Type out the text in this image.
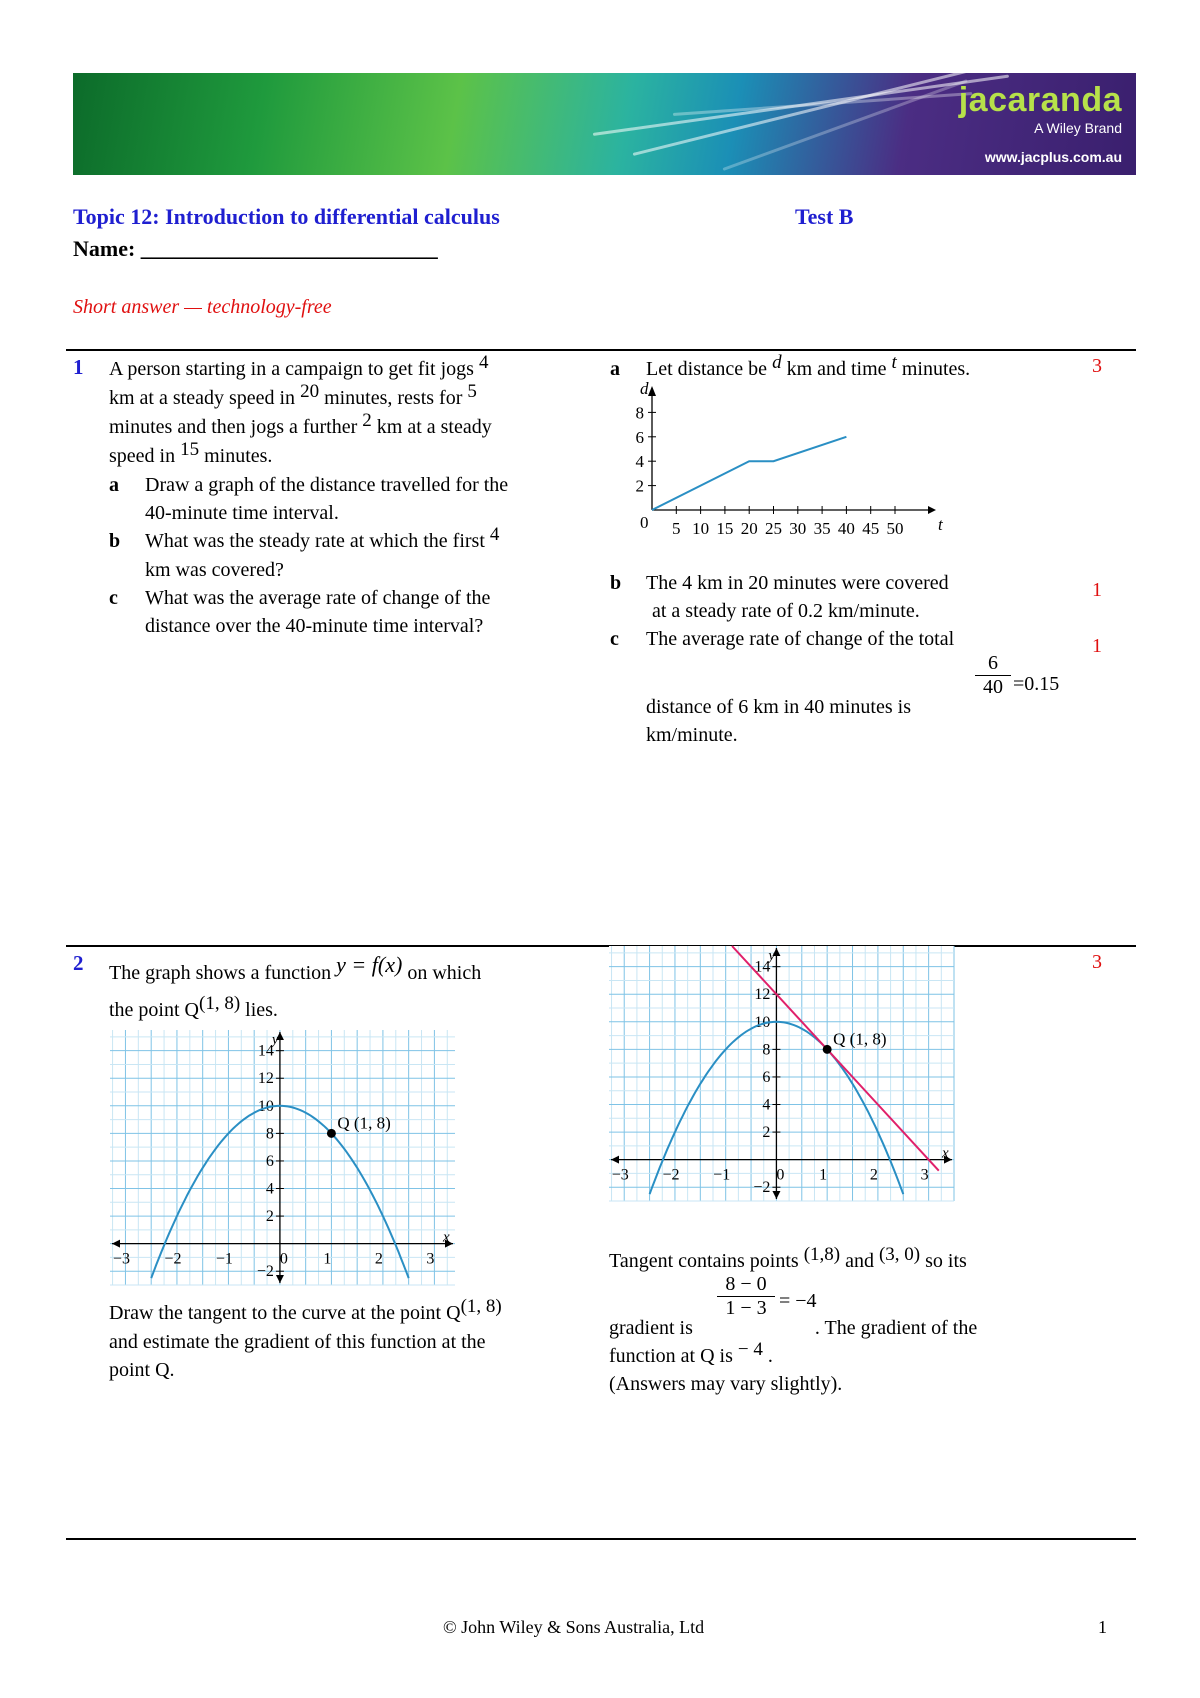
jacaranda
A Wiley Brand
www.jacplus.com.au
Topic 12: Introduction to differential calculus	Test B
Name: ___________________________
Short answer — technology-free
1 A person starting in a campaign to get fit jogs 4
km at a steady speed in 20 minutes, rests for 5
minutes and then jogs a further 2 km at a steady
speed in 15 minutes.
a Draw a graph of the distance travelled for the
40-minute time interval.
b What was the steady rate at which the first 4
km was covered?
c What was the average rate of change of the
distance over the 40-minute time interval?
a Let distance be d km and time t minutes.	3
d
t
0 5 10 15 20 25 30 35 40 45 50
2
4
6
8
b The 4 km in 20 minutes were covered
at a steady rate of 0.2 km/minute.
c The average rate of change of the total
1
1
$\frac{6}{40} =0.15$
distance of 6 km in 40 minutes is
km/minute.
2 The graph shows a function y = f(x) on which
the point Q(1, 8) lies.
y
x
−3 −2 −1	0 1	2	3
−2
2
4
6
8
10
12
14
Q (1, 8)
Draw the tangent to the curve at the point Q(1, 8)
and estimate the gradient of this function at the
point Q.
y
x
−3 −2 −1	0 1	2	3
−2
2
4
6
8
10
12
14
Q (1, 8)
3
Tangent contains points (1,8) and (3, 0) so its
$\frac{8 - 0}{1 - 3} = -4$
gradient is	. The gradient of the
function at Q is − 4 .
(Answers may vary slightly).
© John Wiley & Sons Australia, Ltd	1
